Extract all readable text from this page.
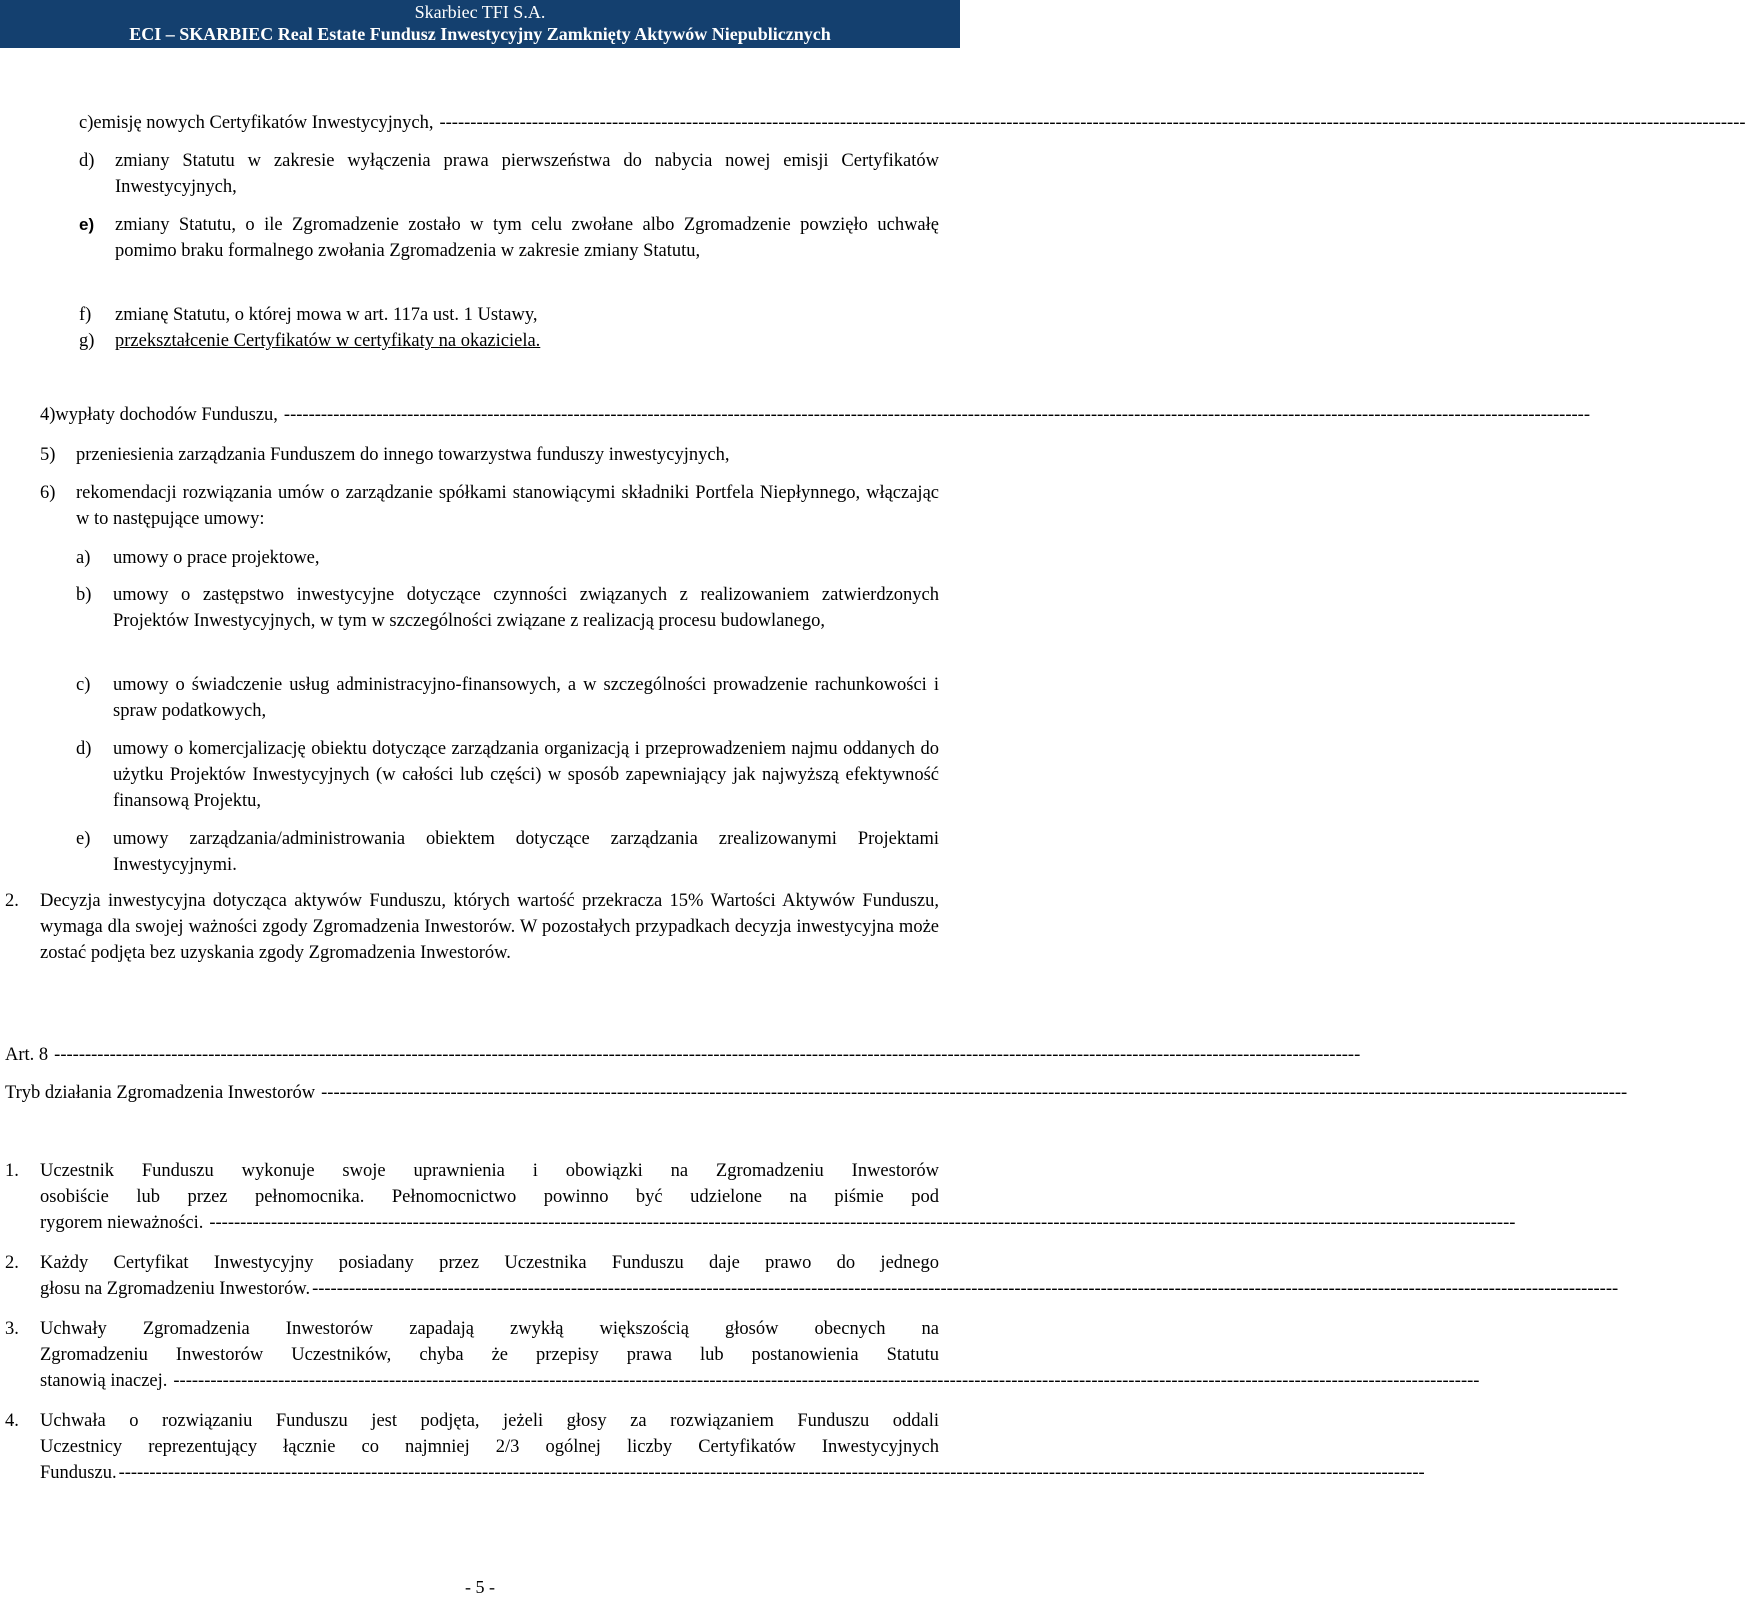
Skarbiec TFI S.A.
ECI – SKARBIEC Real Estate Fundusz Inwestycyjny Zamknięty Aktywów Niepublicznych
c) emisję nowych Certyfikatów Inwestycyjnych, --------------------------------------------------------------------------------------------------------------------------------------------------------------------------------------------------------------------
d) zmiany Statutu w zakresie wyłączenia prawa pierwszeństwa do nabycia nowej emisji Certyfikatów Inwestycyjnych,
e) zmiany Statutu, o ile Zgromadzenie zostało w tym celu zwołane albo Zgromadzenie powzięło uchwałę pomimo braku formalnego zwołania Zgromadzenia w zakresie zmiany Statutu,
f) zmianę Statutu, o której mowa w art. 117a ust. 1 Ustawy,
g) przekształcenie Certyfikatów w certyfikaty na okaziciela.
4) wypłaty dochodów Funduszu, --------------------------------------------------------------------------------------------------------------------------------------------------------------------------------------------------------------------
5) przeniesienia zarządzania Funduszem do innego towarzystwa funduszy inwestycyjnych,
6) rekomendacji rozwiązania umów o zarządzanie spółkami stanowiącymi składniki Portfela Niepłynnego, włączając w to następujące umowy:
a) umowy o prace projektowe,
b) umowy o zastępstwo inwestycyjne dotyczące czynności związanych z realizowaniem zatwierdzonych Projektów Inwestycyjnych, w tym w szczególności związane z realizacją procesu budowlanego,
c) umowy o świadczenie usług administracyjno-finansowych, a w szczególności prowadzenie rachunkowości i spraw podatkowych,
d) umowy o komercjalizację obiektu dotyczące zarządzania organizacją i przeprowadzeniem najmu oddanych do użytku Projektów Inwestycyjnych (w całości lub części) w sposób zapewniający jak najwyższą efektywność finansową Projektu,
e) umowy zarządzania/administrowania obiektem dotyczące zarządzania zrealizowanymi Projektami Inwestycyjnymi.
2. Decyzja inwestycyjna dotycząca aktywów Funduszu, których wartość przekracza 15% Wartości Aktywów Funduszu, wymaga dla swojej ważności zgody Zgromadzenia Inwestorów. W pozostałych przypadkach decyzja inwestycyjna może zostać podjęta bez uzyskania zgody Zgromadzenia Inwestorów.
Art. 8 --------------------------------------------------------------------------------------------------------------------------------------------------------------------------------------------------------------------
Tryb działania Zgromadzenia Inwestorów --------------------------------------------------------------------------------------------------------------------------------------------------------------------------------------------------------------------
1. Uczestnik Funduszu wykonuje swoje uprawnienia i obowiązki na Zgromadzeniu Inwestorów
osobiście lub przez pełnomocnika. Pełnomocnictwo powinno być udzielone na piśmie pod
rygorem nieważności. --------------------------------------------------------------------------------------------------------------------------------------------------------------------------------------------------------------------
2. Każdy Certyfikat Inwestycyjny posiadany przez Uczestnika Funduszu daje prawo do jednego
głosu na Zgromadzeniu Inwestorów. --------------------------------------------------------------------------------------------------------------------------------------------------------------------------------------------------------------------
3. Uchwały Zgromadzenia Inwestorów zapadają zwykłą większością głosów obecnych na
Zgromadzeniu Inwestorów Uczestników, chyba że przepisy prawa lub postanowienia Statutu
stanowią inaczej. --------------------------------------------------------------------------------------------------------------------------------------------------------------------------------------------------------------------
4. Uchwała o rozwiązaniu Funduszu jest podjęta, jeżeli głosy za rozwiązaniem Funduszu oddali
Uczestnicy reprezentujący łącznie co najmniej 2/3 ogólnej liczby Certyfikatów Inwestycyjnych
Funduszu. --------------------------------------------------------------------------------------------------------------------------------------------------------------------------------------------------------------------
- 5 -
